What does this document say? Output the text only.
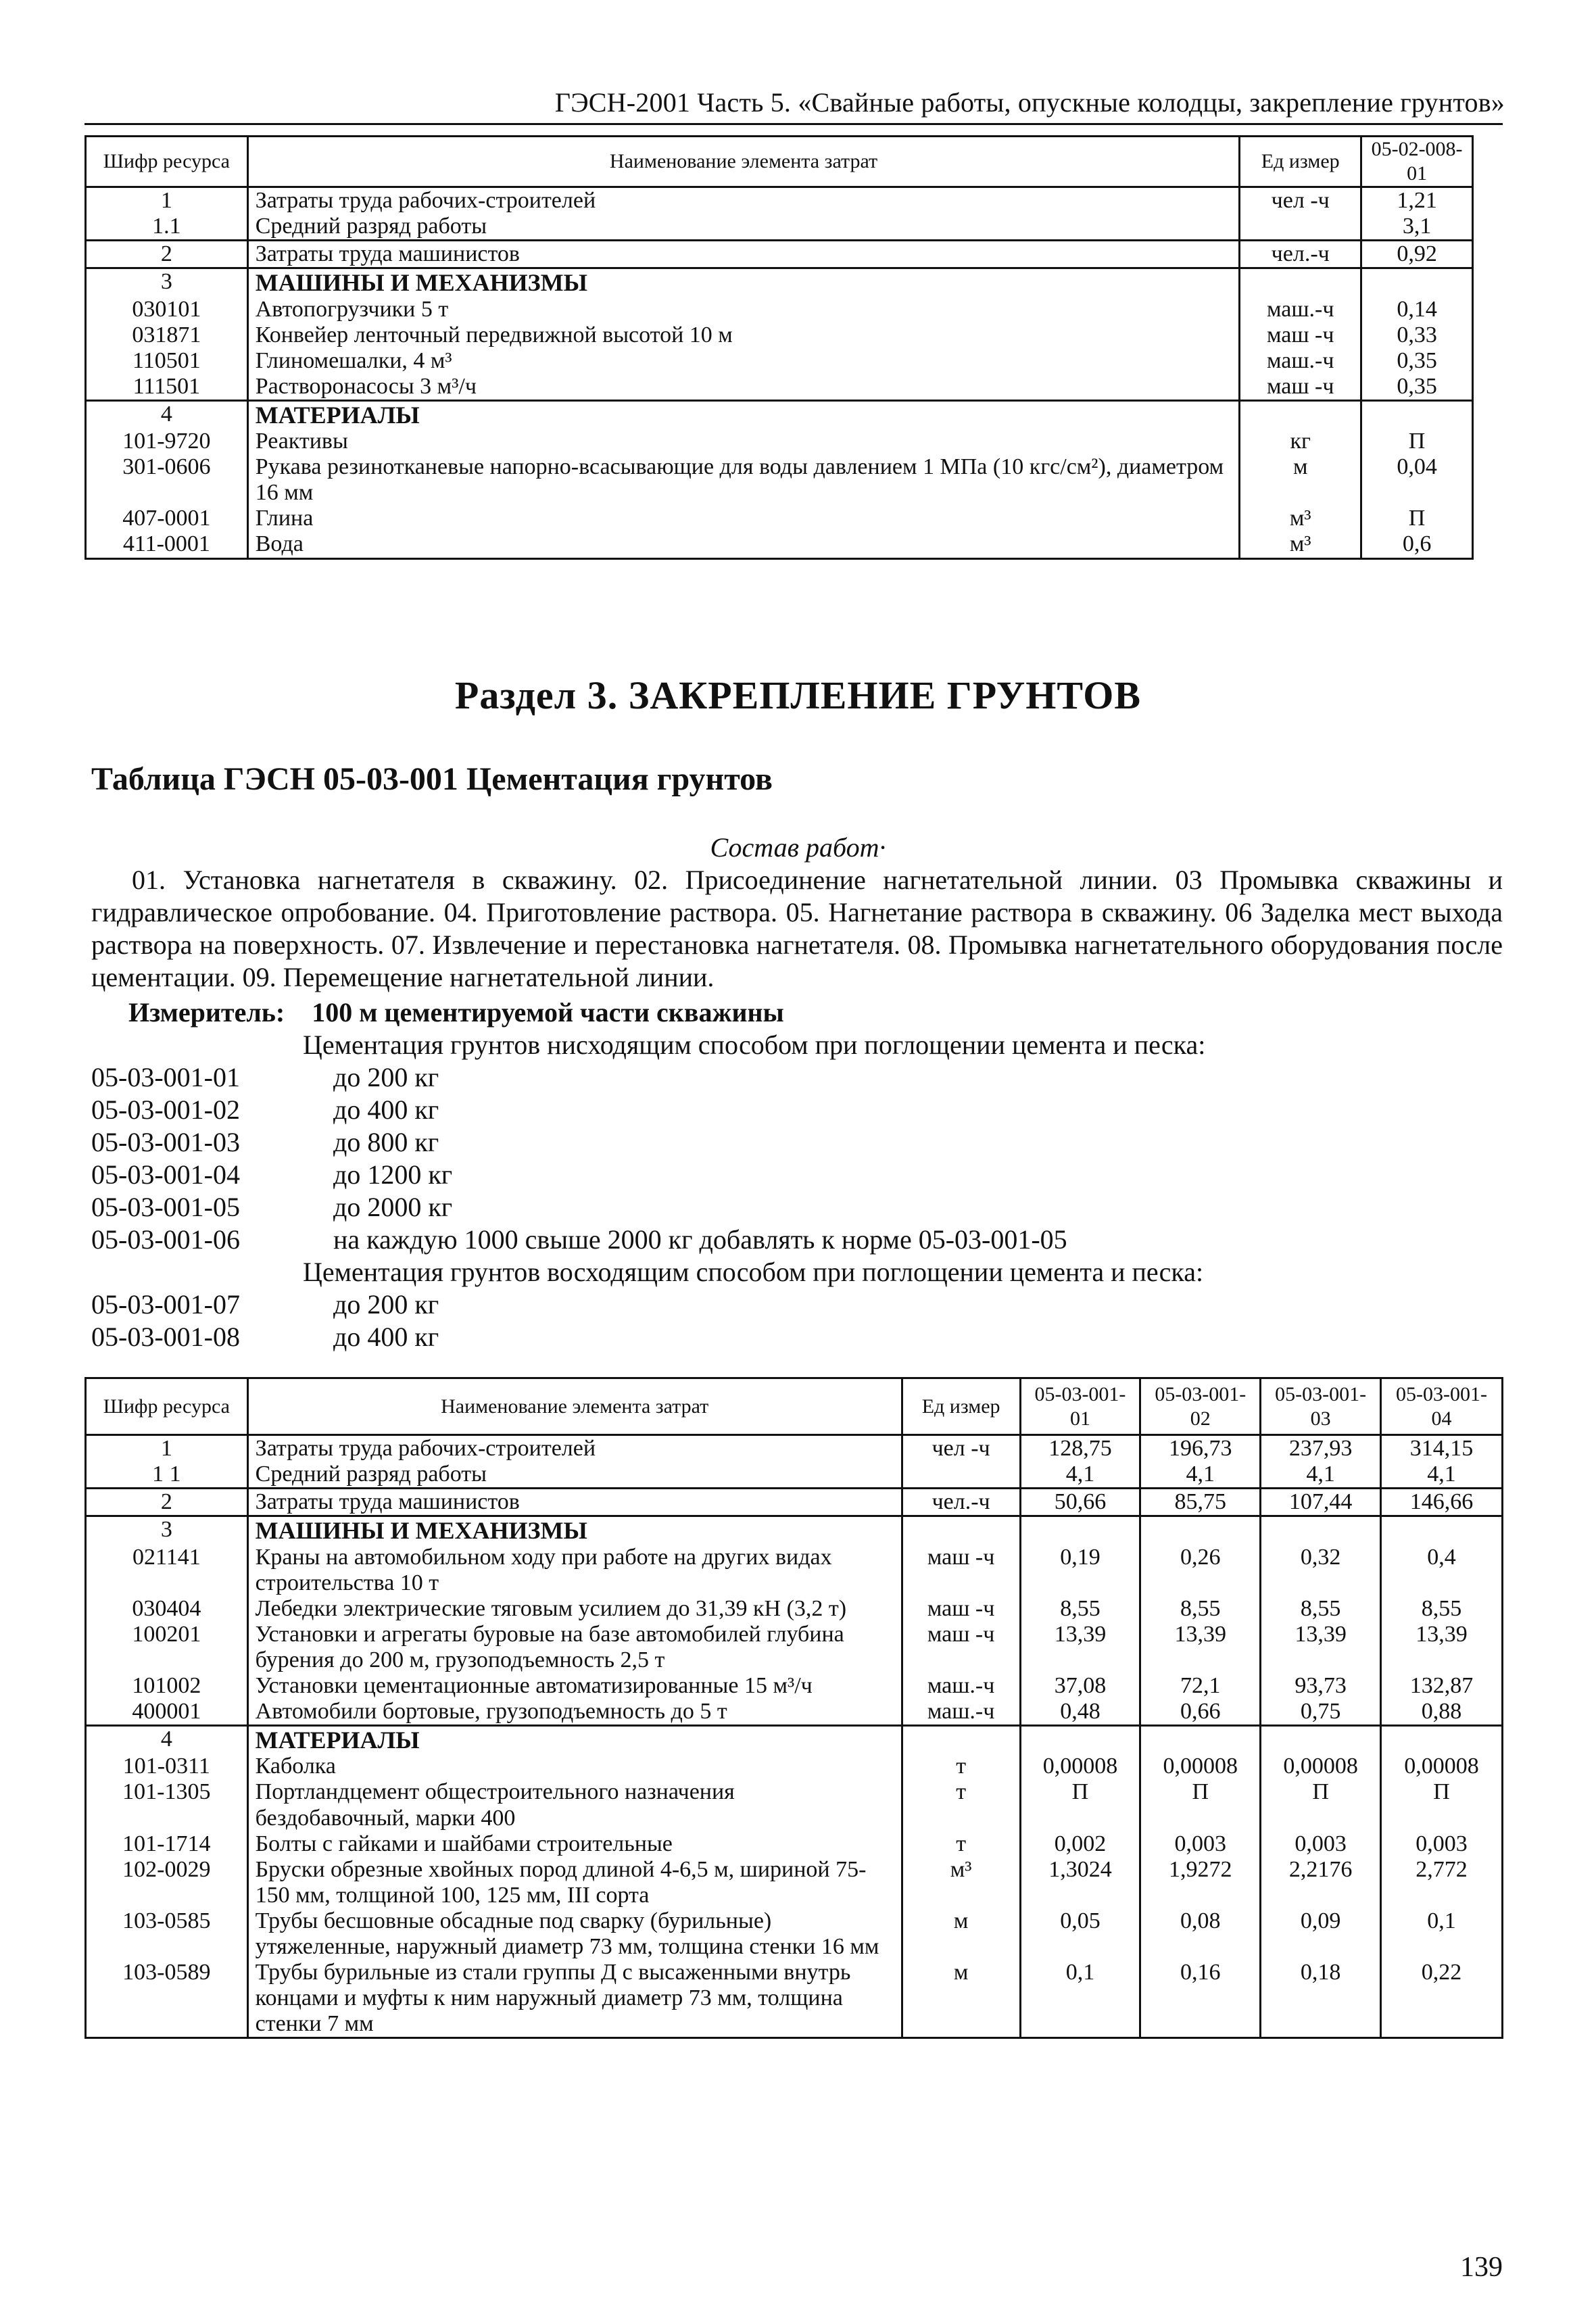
ГЭСН-2001 Часть 5. «Свайные работы, опускные колодцы, закрепление грунтов»
Шифр ресурса	Наименование элемента затрат	Ед измер	05-02-008-01
1	Затраты труда рабочих-строителей	чел -ч	1,21
1.1	Средний разряд работы		3,1
2	Затраты труда машинистов	чел.-ч	0,92
3	МАШИНЫ И МЕХАНИЗМЫ		
030101	Автопогрузчики 5 т	маш.-ч	0,14
031871	Конвейер ленточный передвижной высотой 10 м	маш -ч	0,33
110501	Глиномешалки, 4 м³	маш.-ч	0,35
111501	Растворонасосы 3 м³/ч	маш -ч	0,35
4	МАТЕРИАЛЫ		
101-9720	Реактивы	кг	П
301-0606	Рукава резинотканевые напорно-всасывающие для воды давлением 1 МПа (10 кгс/см²), диаметром 16 мм	м	0,04
407-0001	Глина	м³	П
411-0001	Вода	м³	0,6
Раздел 3. ЗАКРЕПЛЕНИЕ ГРУНТОВ
Таблица ГЭСН 05-03-001 Цементация грунтов
Состав работ·
01. Установка нагнетателя в скважину. 02. Присоединение нагнетательной линии. 03 Промывка скважины и гидравлическое опробование. 04. Приготовление раствора. 05. Нагнетание раствора в скважину. 06 Заделка мест выхода раствора на поверхность. 07. Извлечение и перестановка нагнетателя. 08. Промывка нагнетательного оборудования после цементации. 09. Перемещение нагнетательной линии.
Измеритель: 100 м цементируемой части скважины
Цементация грунтов нисходящим способом при поглощении цемента и песка:
05-03-001-01	до 200 кг
05-03-001-02	до 400 кг
05-03-001-03	до 800 кг
05-03-001-04	до 1200 кг
05-03-001-05	до 2000 кг
05-03-001-06	на каждую 1000 свыше 2000 кг добавлять к норме 05-03-001-05
Цементация грунтов восходящим способом при поглощении цемента и песка:
05-03-001-07	до 200 кг
05-03-001-08	до 400 кг
Шифр ресурса	Наименование элемента затрат	Ед измер	05-03-001-01	05-03-001-02	05-03-001-03	05-03-001-04
1	Затраты труда рабочих-строителей	чел -ч	128,75	196,73	237,93	314,15
1 1	Средний разряд работы		4,1	4,1	4,1	4,1
2	Затраты труда машинистов	чел.-ч	50,66	85,75	107,44	146,66
3	МАШИНЫ И МЕХАНИЗМЫ					
021141	Краны на автомобильном ходу при работе на других видах строительства 10 т	маш -ч	0,19	0,26	0,32	0,4
030404	Лебедки электрические тяговым усилием до 31,39 кН (3,2 т)	маш -ч	8,55	8,55	8,55	8,55
100201	Установки и агрегаты буровые на базе автомобилей глубина бурения до 200 м, грузоподъемность 2,5 т	маш -ч	13,39	13,39	13,39	13,39
101002	Установки цементационные автоматизированные 15 м³/ч	маш.-ч	37,08	72,1	93,73	132,87
400001	Автомобили бортовые, грузоподъемность до 5 т	маш.-ч	0,48	0,66	0,75	0,88
4	МАТЕРИАЛЫ					
101-0311	Каболка	т	0,00008	0,00008	0,00008	0,00008
101-1305	Портландцемент общестроительного назначения бездобавочный, марки 400	т	П	П	П	П
101-1714	Болты с гайками и шайбами строительные	т	0,002	0,003	0,003	0,003
102-0029	Бруски обрезные хвойных пород длиной 4-6,5 м, шириной 75-150 мм, толщиной 100, 125 мм, III сорта	м³	1,3024	1,9272	2,2176	2,772
103-0585	Трубы бесшовные обсадные под сварку (бурильные) утяжеленные, наружный диаметр 73 мм, толщина стенки 16 мм	м	0,05	0,08	0,09	0,1
103-0589	Трубы бурильные из стали группы Д с высаженными внутрь концами и муфты к ним наружный диаметр 73 мм, толщина стенки 7 мм	м	0,1	0,16	0,18	0,22
139
